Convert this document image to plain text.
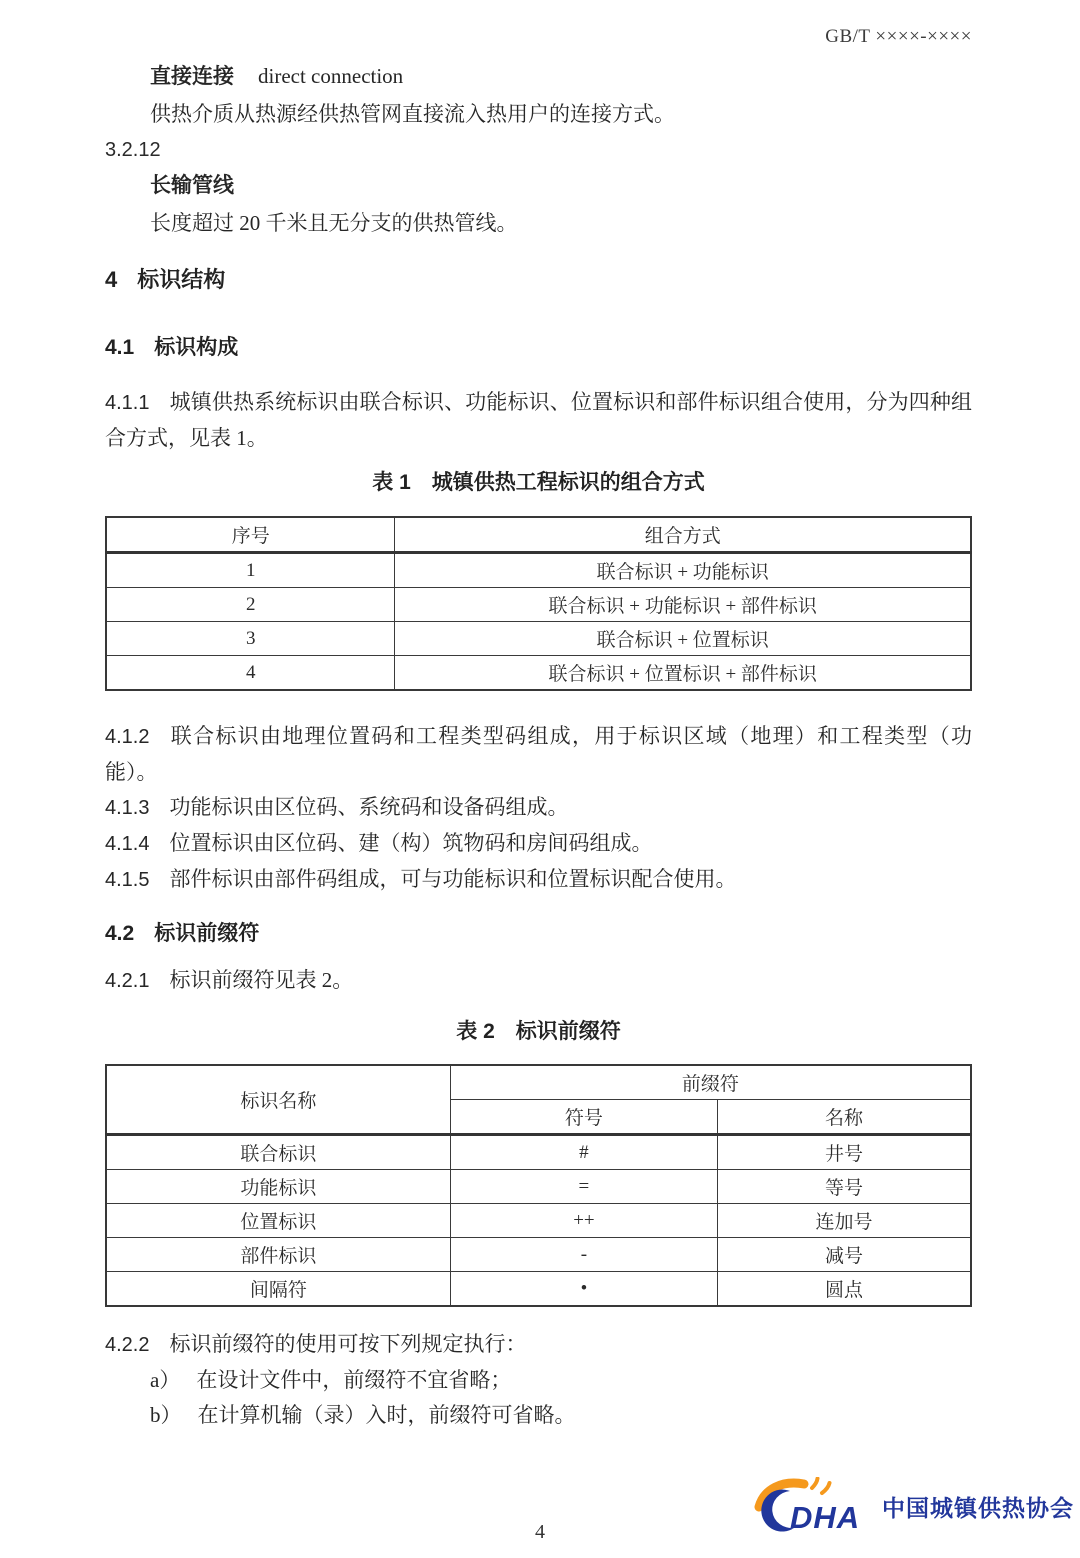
GB/T ××××-××××

直接连接 direct connection

供热介质从热源经供热管网直接流入热用户的连接方式。

3.2.12

长输管线

长度超过 20 千米且无分支的供热管线。

4 标识结构
4.1 标识构成

4.1.1 城镇供热系统标识由联合标识、功能标识、位置标识和部件标识组合使用，分为四种组合方式，见表 1。

表 1　城镇供热工程标识的组合方式

序号	组合方式
1	联合标识 + 功能标识
2	联合标识 + 功能标识 + 部件标识
3	联合标识 + 位置标识
4	联合标识 + 位置标识 + 部件标识

4.1.2 联合标识由地理位置码和工程类型码组成，用于标识区域（地理）和工程类型（功能）。

4.1.3 功能标识由区位码、系统码和设备码组成。

4.1.4 位置标识由区位码、建（构）筑物码和房间码组成。

4.1.5 部件标识由部件码组成，可与功能标识和位置标识配合使用。

4.2 标识前缀符

4.2.1 标识前缀符见表 2。

表 2　标识前缀符

标识名称	前缀符	
	符号	名称
联合标识	#	井号
功能标识	=	等号
位置标识	++	连加号
部件标识	-	减号
间隔符	•	圆点

4.2.2 标识前缀符的使用可按下列规定执行：

a） 在设计文件中，前缀符不宜省略；

b） 在计算机输（录）入时，前缀符可省略。

DHA 中国城镇供热协会
4
